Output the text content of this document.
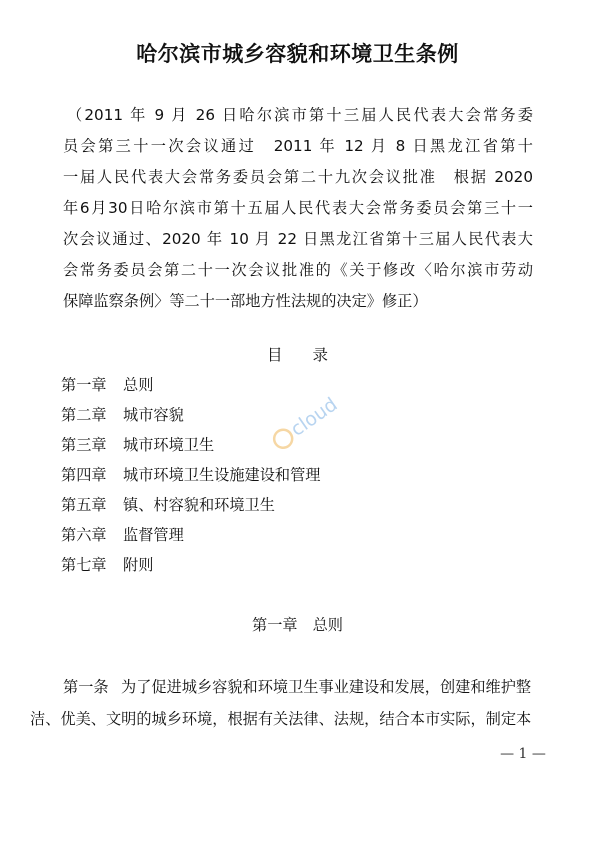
哈尔滨市城乡容貌和环境卫生条例
（2011 年 9 月 26 日哈尔滨市第十三届人民代表大会常务委
员会第三十一次会议通过　2011 年 12 月 8 日黑龙江省第十
一届人民代表大会常务委员会第二十九次会议批准　根据 2020
年6月30日哈尔滨市第十五届人民代表大会常务委员会第三十一
次会议通过、2020 年 10 月 22 日黑龙江省第十三届人民代表大
会常务委员会第二十一次会议批准的《关于修改〈哈尔滨市劳动
保障监察条例〉等二十一部地方性法规的决定》修正）
目 录
第一章 总则
第二章 城市容貌
第三章 城市环境卫生
第四章 城市环境卫生设施建设和管理
第五章 镇、村容貌和环境卫生
第六章 监督管理
第七章 附则
cloud
第一章 总则
第一条 为了促进城乡容貌和环境卫生事业建设和发展，创建和维护整
洁、优美、文明的城乡环境，根据有关法律、法规，结合本市实际，制定本
— 1 —
